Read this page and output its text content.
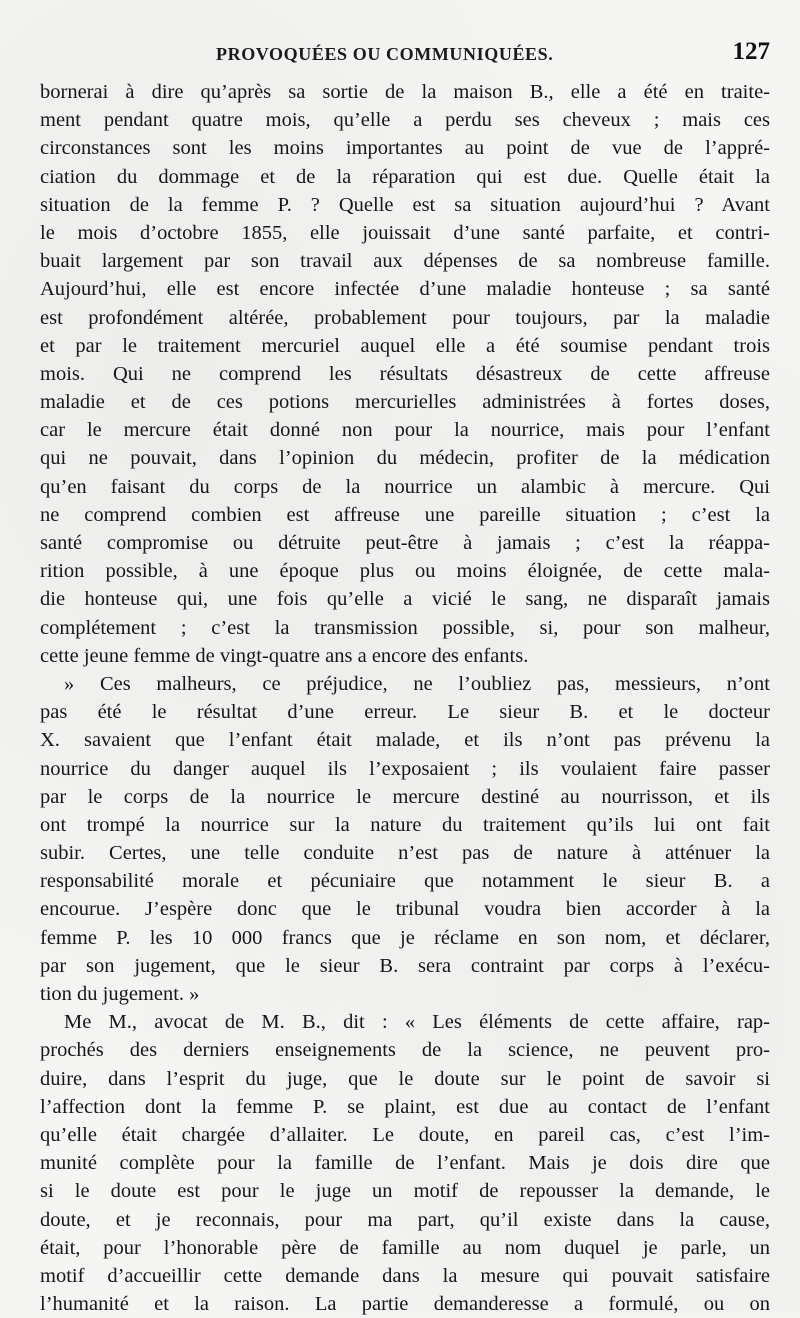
PROVOQUÉES OU COMMUNIQUÉES.	127
bornerai à dire qu’après sa sortie de la maison B., elle a été en traite-
ment pendant quatre mois, qu’elle a perdu ses cheveux ; mais ces
circonstances sont les moins importantes au point de vue de l’appré-
ciation du dommage et de la réparation qui est due. Quelle était la
situation de la femme P. ? Quelle est sa situation aujourd’hui ? Avant
le mois d’octobre 1855, elle jouissait d’une santé parfaite, et contri-
buait largement par son travail aux dépenses de sa nombreuse famille.
Aujourd’hui, elle est encore infectée d’une maladie honteuse ; sa santé
est profondément altérée, probablement pour toujours, par la maladie
et par le traitement mercuriel auquel elle a été soumise pendant trois
mois. Qui ne comprend les résultats désastreux de cette affreuse
maladie et de ces potions mercurielles administrées à fortes doses,
car le mercure était donné non pour la nourrice, mais pour l’enfant
qui ne pouvait, dans l’opinion du médecin, profiter de la médication
qu’en faisant du corps de la nourrice un alambic à mercure. Qui
ne comprend combien est affreuse une pareille situation ; c’est la
santé compromise ou détruite peut-être à jamais ; c’est la réappa-
rition possible, à une époque plus ou moins éloignée, de cette mala-
die honteuse qui, une fois qu’elle a vicié le sang, ne disparaît jamais
complétement ; c’est la transmission possible, si, pour son malheur,
cette jeune femme de vingt-quatre ans a encore des enfants.
» Ces malheurs, ce préjudice, ne l’oubliez pas, messieurs, n’ont
pas été le résultat d’une erreur. Le sieur B. et le docteur
X. savaient que l’enfant était malade, et ils n’ont pas prévenu la
nourrice du danger auquel ils l’exposaient ; ils voulaient faire passer
par le corps de la nourrice le mercure destiné au nourrisson, et ils
ont trompé la nourrice sur la nature du traitement qu’ils lui ont fait
subir. Certes, une telle conduite n’est pas de nature à atténuer la
responsabilité morale et pécuniaire que notamment le sieur B. a
encourue. J’espère donc que le tribunal voudra bien accorder à la
femme P. les 10 000 francs que je réclame en son nom, et déclarer,
par son jugement, que le sieur B. sera contraint par corps à l’exécu-
tion du jugement. »
Me M., avocat de M. B., dit : « Les éléments de cette affaire, rap-
prochés des derniers enseignements de la science, ne peuvent pro-
duire, dans l’esprit du juge, que le doute sur le point de savoir si
l’affection dont la femme P. se plaint, est due au contact de l’enfant
qu’elle était chargée d’allaiter. Le doute, en pareil cas, c’est l’im-
munité complète pour la famille de l’enfant. Mais je dois dire que
si le doute est pour le juge un motif de repousser la demande, le
doute, et je reconnais, pour ma part, qu’il existe dans la cause,
était, pour l’honorable père de famille au nom duquel je parle, un
motif d’accueillir cette demande dans la mesure qui pouvait satisfaire
l’humanité et la raison. La partie demanderesse a formulé, ou on
